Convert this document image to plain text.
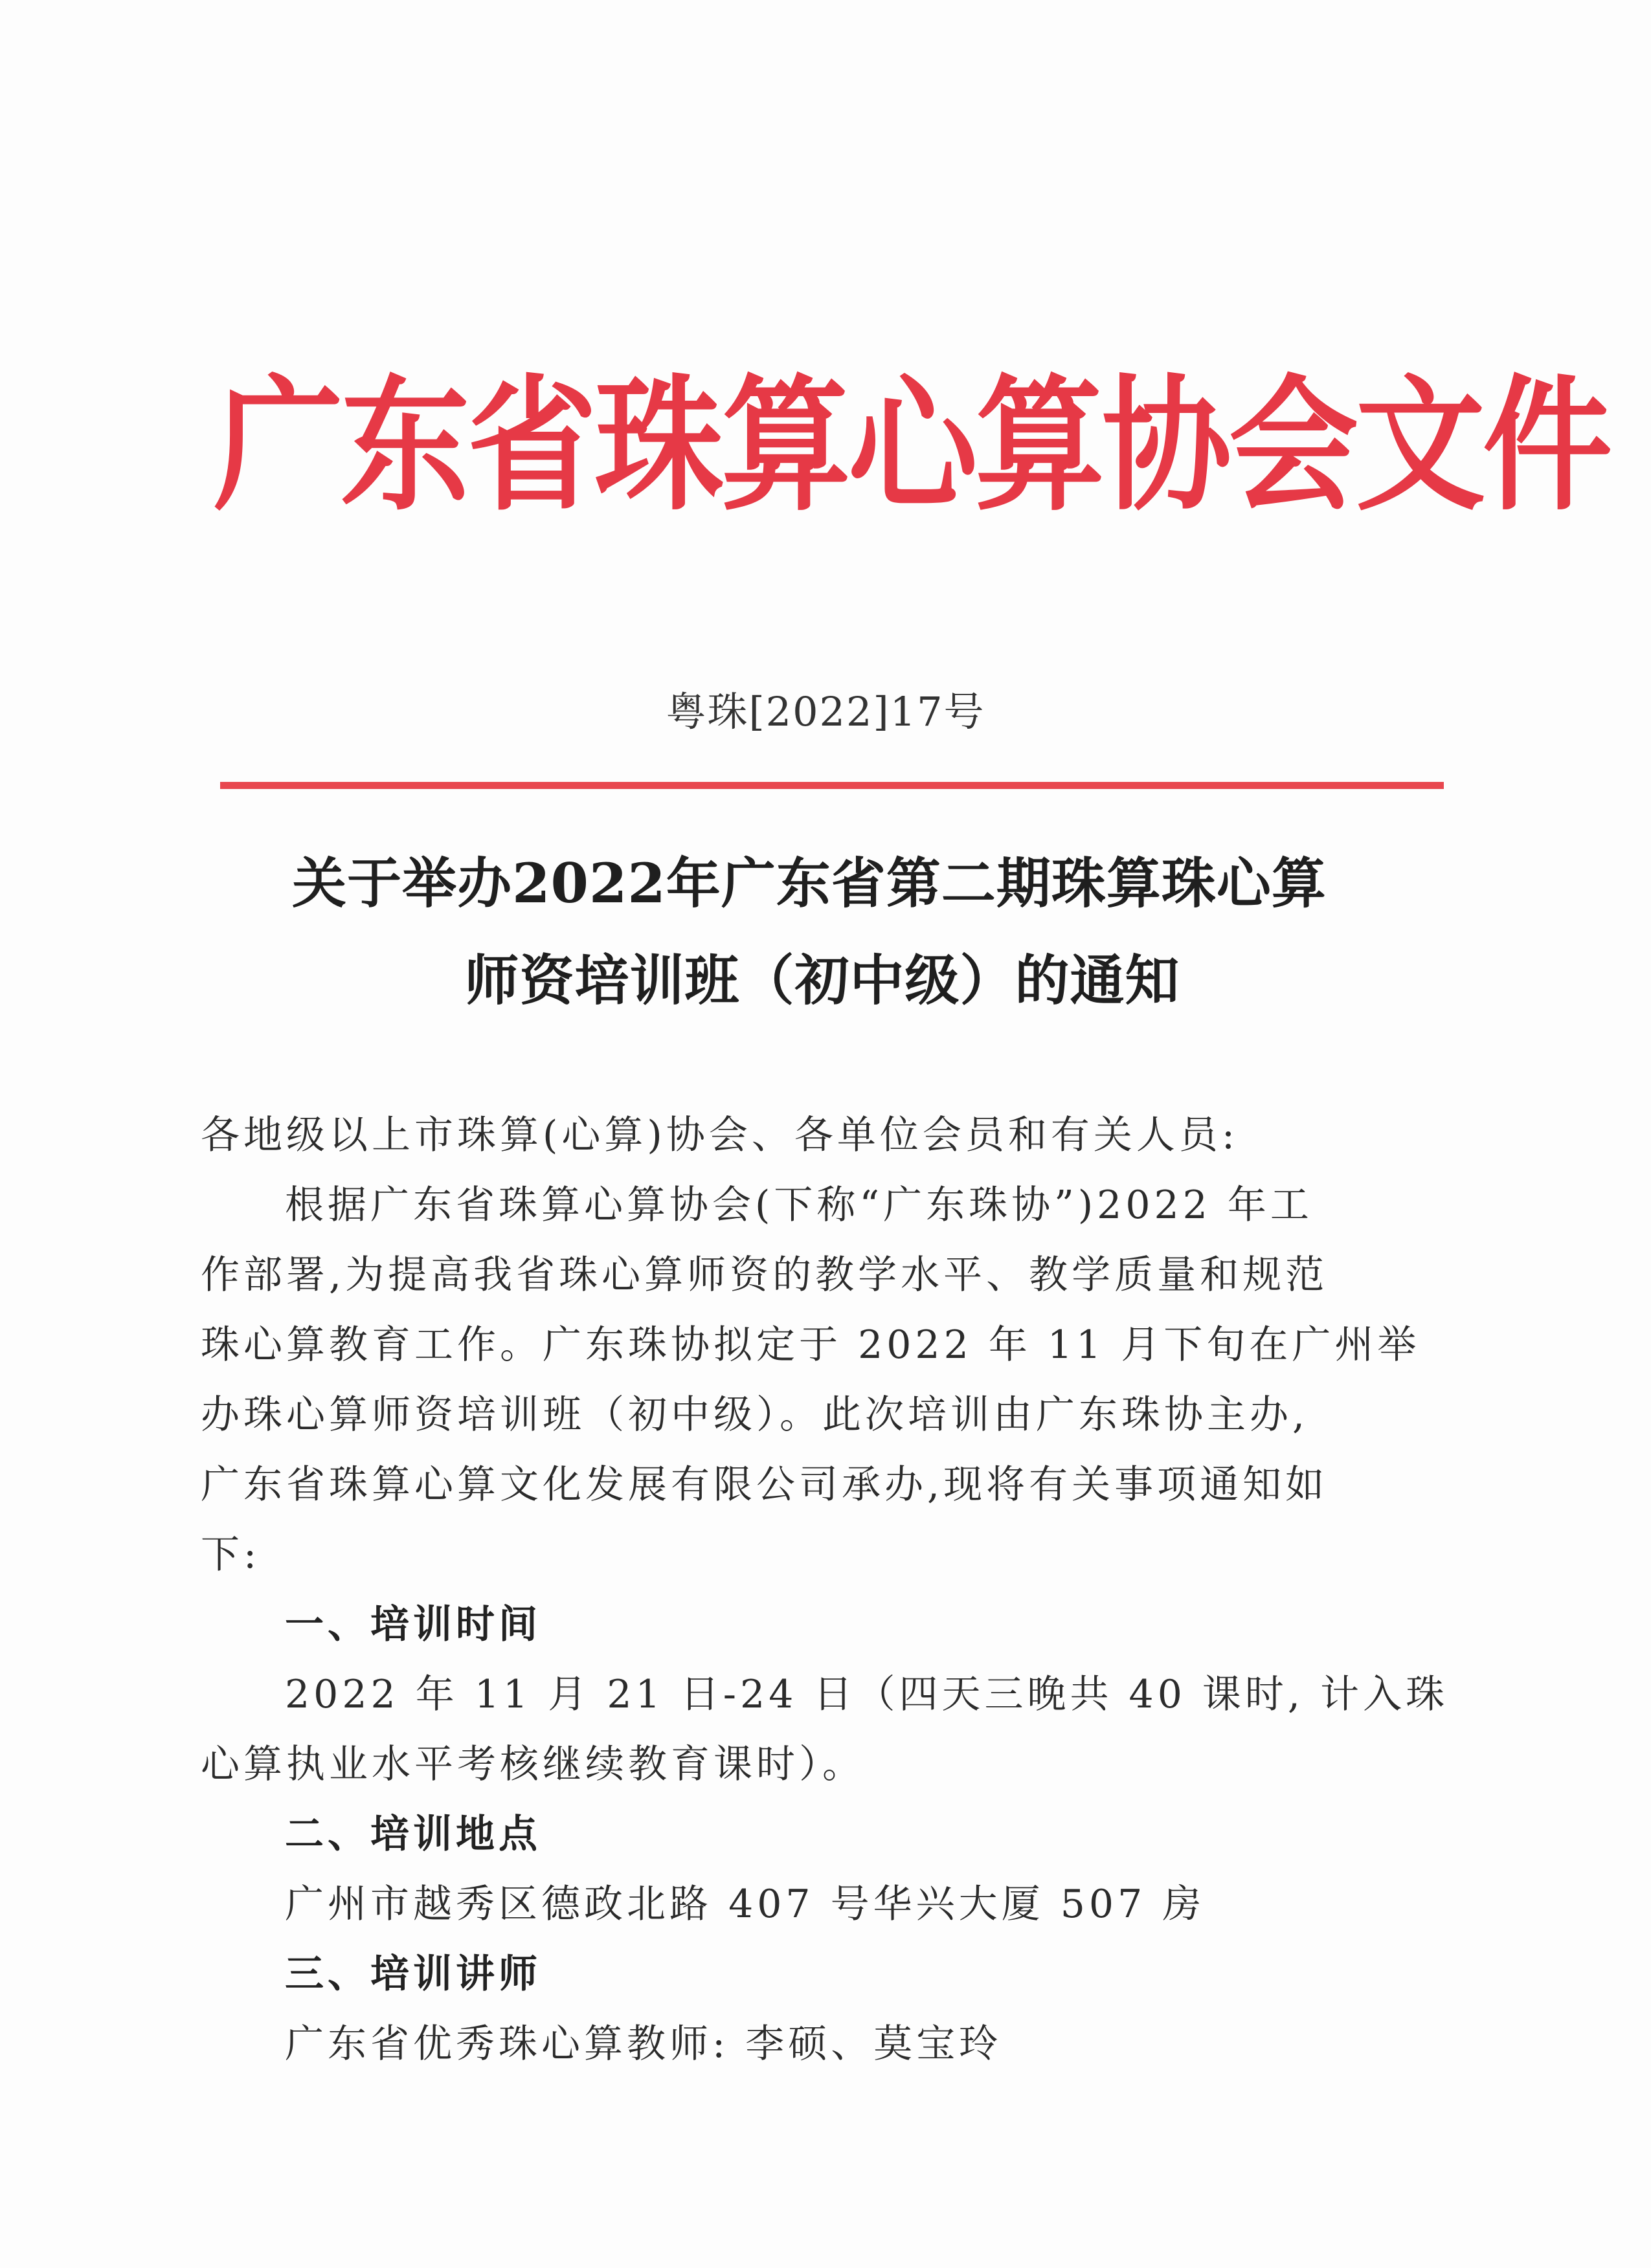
广东省珠算心算协会文件
粤珠[2022]17号
关于举办2022年广东省第二期珠算珠心算
师资培训班（初中级）的通知
各地级以上市珠算(心算)协会、各单位会员和有关人员:
根据广东省珠算心算协会(下称“广东珠协”)2022 年工
作部署,为提高我省珠心算师资的教学水平、教学质量和规范
珠心算教育工作。广东珠协拟定于 2022 年 11 月下旬在广州举
办珠心算师资培训班（初中级）。此次培训由广东珠协主办,
广东省珠算心算文化发展有限公司承办,现将有关事项通知如
下:
一、培训时间
2022 年 11 月 21 日-24 日（四天三晚共 40 课时, 计入珠
心算执业水平考核继续教育课时）。
二、培训地点
广州市越秀区德政北路 407 号华兴大厦 507 房
三、培训讲师
广东省优秀珠心算教师: 李硕、莫宝玲
